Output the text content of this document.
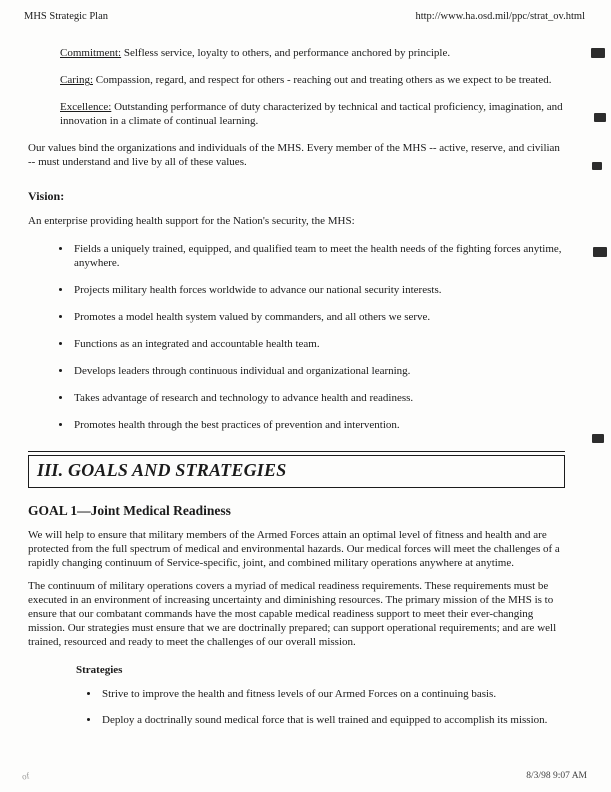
MHS Strategic Plan	http://www.ha.osd.mil/ppc/strat_ov.html

Commitment: Selfless service, loyalty to others, and performance anchored by principle.

Caring: Compassion, regard, and respect for others - reaching out and treating others as we expect to be treated.

Excellence: Outstanding performance of duty characterized by technical and tactical proficiency, imagination, and innovation in a climate of continual learning.

Our values bind the organizations and individuals of the MHS. Every member of the MHS -- active, reserve, and civilian -- must understand and live by all of these values.

Vision:

An enterprise providing health support for the Nation's security, the MHS:

• Fields a uniquely trained, equipped, and qualified team to meet the health needs of the fighting forces anytime, anywhere.
• Projects military health forces worldwide to advance our national security interests.
• Promotes a model health system valued by commanders, and all others we serve.
• Functions as an integrated and accountable health team.
• Develops leaders through continuous individual and organizational learning.
• Takes advantage of research and technology to advance health and readiness.
• Promotes health through the best practices of prevention and intervention.
III. GOALS AND STRATEGIES
GOAL 1—Joint Medical Readiness

We will help to ensure that military members of the Armed Forces attain an optimal level of fitness and health and are protected from the full spectrum of medical and environmental hazards. Our medical forces will meet the challenges of a rapidly changing continuum of Service-specific, joint, and combined military operations anywhere at anytime.

The continuum of military operations covers a myriad of medical readiness requirements. These requirements must be executed in an environment of increasing uncertainty and diminishing resources. The primary mission of the MHS is to ensure that our combatant commands have the most capable medical readiness support to meet their ever-changing mission. Our strategies must ensure that we are doctrinally prepared; can support operational requirements; and are well trained, resourced and ready to meet the challenges of our overall mission.

Strategies
• Strive to improve the health and fitness levels of our Armed Forces on a continuing basis.
• Deploy a doctrinally sound medical force that is well trained and equipped to accomplish its mission.
of	8/3/98 9:07 AM
